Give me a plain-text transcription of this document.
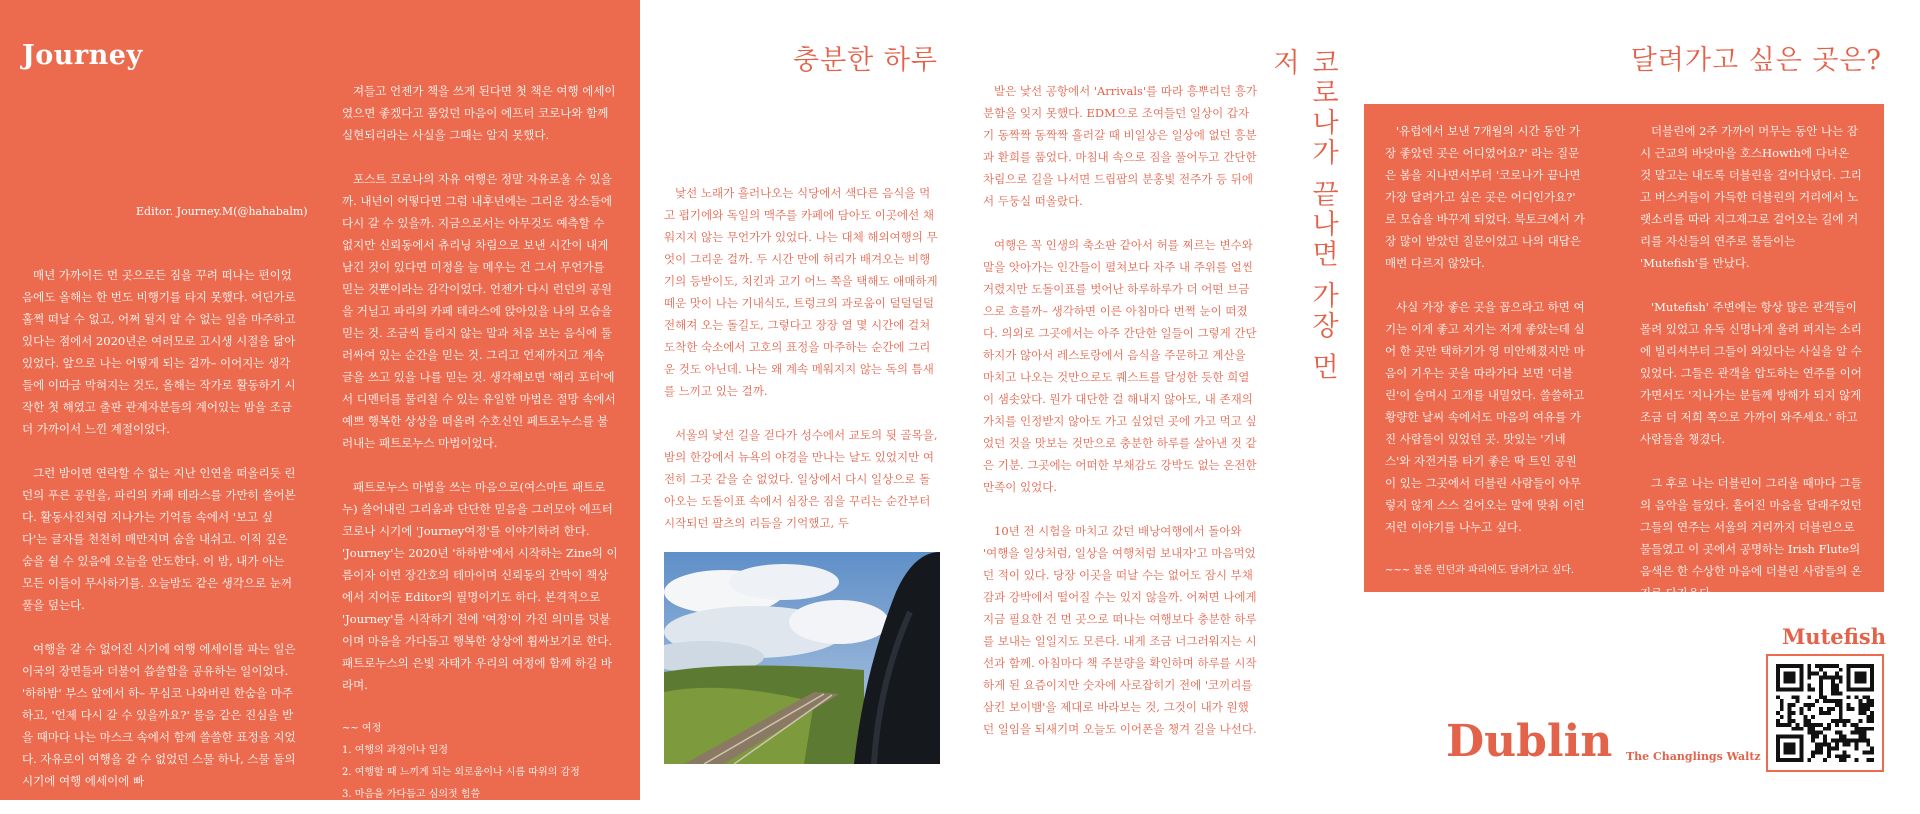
Journey
Editor. Journey.M(@hahabalm)

매년 가까이든 먼 곳으로든 짐을 꾸려 떠나는 편이었음에도 올해는 한 번도 비행기를 타지 못했다. 어딘가로 훌쩍 떠날 수 없고, 어쩌 될지 알 수 없는 일을 마주하고 있다는 점에서 2020년은 여러모로 고시생 시절을 닮아있었다. 앞으로 나는 어떻게 되는 걸까– 이어지는 생각들에 이따금 막혀지는 것도, 올해는 작가로 활동하기 시작한 첫 해였고 출판 관계자분들의 계어있는 밤을 조금 더 가까이서 느낀 계절이었다.

그런 밤이면 연락할 수 없는 지난 인연을 떠올리듯 린던의 푸른 공원을, 파리의 카페 테라스를 가만히 쓸어본다. 활동사진처럼 지나가는 기억들 속에서 '보고 싶다'는 글자를 천천히 매만지며 숨을 내쉬고. 이직 깊은 숨을 쉴 수 있음에 오늘을 안도한다. 이 밤, 내가 아는 모든 이들이 무사하기를. 오늘밤도 같은 생각으로 눈꺼풀을 덮는다.

여행을 갈 수 없어진 시기에 여행 에세이를 파는 일은 이국의 장면들과 더불어 씁쓸함을 공유하는 일이었다. '하하밤' 부스 앞에서 하– 무심코 나와버린 한숨을 마주하고, '언제 다시 갈 수 있을까요?' 물음 같은 진심을 받을 때마다 나는 마스크 속에서 함께 쓸쓸한 표정을 지었다. 자유로이 여행을 갈 수 없었던 스물 하나, 스물 둘의 시기에 여행 에세이에 빠

져들고 언젠가 책을 쓰게 된다면 첫 책은 여행 에세이였으면 좋겠다고 품었던 마음이 에프터 코로나와 함께 실현되리라는 사실을 그때는 알지 못했다.

포스트 코로나의 자유 여행은 정말 자유로울 수 있을까. 내년이 어떻다면 그럼 내후년에는 그리운 장소들에 다시 갈 수 있을까. 지금으로서는 아무것도 예측할 수 없지만 신뢰동에서 츄리닝 차림으로 보낸 시간이 내게 남긴 것이 있다면 미정을 늘 메우는 건 그서 무언가를 믿는 것뿐이라는 감각이었다. 언젠가 다시 런던의 공원을 거닐고 파리의 카페 테라스에 앉아있을 나의 모습을 믿는 것. 조금씩 들리지 않는 말과 처음 보는 음식에 둘러싸여 있는 순간을 믿는 것. 그리고 언제까지고 계속 글을 쓰고 있을 나를 믿는 것. 생각해보면 '해리 포터'에서 디멘터를 물리칠 수 있는 유일한 마법은 절망 속에서 예쁘 행복한 상상을 떠올려 수호신인 페트로누스를 불러내는 패트로누스 마법이었다.

패트로누스 마법을 쓰는 마음으로(여스마트 패트로누) 쓸어내린 그리움과 단단한 믿음을 그러모아 에프터 코로나 시기에 'Journey여정'를 이야기하려 한다. 'Journey'는 2020년 '하하밤'에서 시작하는 Zine의 이름이자 이번 장간호의 테마이며 신뢰동의 칸막이 책상에서 지어둔 Editor의 필명이기도 하다. 본격적으로 'Journey'를 시작하기 전에 '여정'이 가진 의미를 덧붙이며 마음을 가다듬고 행복한 상상에 휩싸보기로 한다. 패트로누스의 은빛 자태가 우리의 여정에 함께 하길 바라며.

~~ 여정
1. 여행의 과정이나 일정
2. 여행할 때 느끼게 되는 외로움이나 시름 따위의 감정
3. 마음을 가다듬고 심의젓 힘씀
충분한 하루

낯선 노래가 흘러나오는 식당에서 색다른 음식을 먹고 펍기에와 독일의 맥주를 카페에 담아도 이곳에선 채워지지 않는 무언가가 있었다. 나는 대체 해외여행의 무엇이 그리운 걸까. 두 시간 만에 허리가 배겨오는 비행기의 등받이도, 치킨과 고기 어느 쪽을 택해도 애매하게 떼운 맛이 나는 기내식도, 트렁크의 과로움이 덜덜덜덜 전해져 오는 돌길도, 그렇다고 장장 열 몇 시간에 걸쳐 도착한 숙소에서 고호의 표정을 마주하는 순간에 그리운 것도 아닌데. 나는 왜 계속 메워지지 않는 독의 틈새를 느끼고 있는 걸까.

서울의 낯선 길을 걷다가 성수에서 교토의 뒷 골목을, 밤의 한강에서 뉴욕의 야경을 만나는 날도 있었지만 여전히 그곳 같을 순 없었다. 일상에서 다시 일상으로 돌아오는 도돌이표 속에서 심장은 짐을 꾸리는 순간부터 시작되던 팔츠의 리듬을 기억했고, 두

발은 낯선 공항에서 'Arrivals'를 따라 흥뿌리던 흥가분함을 잊지 못했다. EDM으로 조여들던 일상이 갑자기 동짝짝 동짝짝 흘러갈 때 비일상은 일상에 없던 흥분과 환희를 품었다. 마침내 속으로 짐을 풀어두고 간단한 차림으로 길을 나서면 드립팝의 분홍빛 전주가 등 뒤에서 두둥실 떠올랐다.

여행은 꼭 인생의 축소판 같아서 허를 찌르는 변수와 말을 앗아가는 인간들이 펼쳐보다 자주 내 주위를 얼씬거렸지만 도돌이표를 벗어난 하루하루가 더 어떤 브금으로 흐를까– 생각하면 이른 아침마다 번쩍 눈이 떠졌다. 의외로 그곳에서는 아주 간단한 일들이 그렇게 간단하지가 않아서 레스토랑에서 음식을 주문하고 계산을 마치고 나오는 것만으로도 퀘스트를 달성한 듯한 희열이 샘솟았다. 뭔가 대단한 걸 해내지 않아도, 내 존재의 가치를 인정받지 않아도 가고 싶었던 곳에 가고 먹고 싶었던 것을 맛보는 것만으로 충분한 하루를 살아낸 것 같은 기분. 그곳에는 어떠한 부채감도 강박도 없는 온전한 만족이 있었다.

10년 전 시험을 마치고 갔던 배낭여행에서 돌아와 '여행을 일상처럼, 일상을 여행처럼 보내자'고 마음먹었던 적이 있다. 당장 이곳을 떠날 수는 없어도 잠시 부채감과 강박에서 떨어질 수는 있지 않을까. 어쩌면 나에게 지금 필요한 건 먼 곳으로 떠나는 여행보다 충분한 하루를 보내는 일일지도 모른다. 내게 조금 너그러워지는 시선과 함께. 아침마다 책 주분량을 확인하며 하루를 시작하게 된 요즘이지만 숫자에 사로잡히기 전에 '코끼리를 삼킨 보이뱀'을 제대로 바라보는 것, 그것이 내가 원했던 일임을 되새기며 오늘도 이어폰을 챙겨 길을 나선다.

코로나가 끝나면 가장 먼저	달려가고 싶은 곳은?

'유럽에서 보낸 7개월의 시간 동안 가장 좋았던 곳은 어디였어요?' 라는 질문은 봄을 지나면서부터 '코로나가 끝나면 가장 달려가고 싶은 곳은 어디인가요?' 로 모습을 바꾸게 되었다. 북토크에서 가장 많이 받았던 질문이었고 나의 대답은 매번 다르지 않았다.

사실 가장 좋은 곳을 꼽으라고 하면 여기는 이게 좋고 저기는 저게 좋았는데 실어 한 곳만 택하기가 영 미안해졌지만 마음이 기우는 곳을 따라가다 보면 '더블린'이 슬며시 고개를 내밀었다. 쓸쓸하고 황량한 날씨 속에서도 마음의 여유를 가진 사람들이 있었던 곳. 맛있는 '기네스'와 자전거를 타기 좋은 딱 트인 공원이 있는 그곳에서 더블린 사람들이 아무렇지 않게 스스 걸어오는 말에 맞춰 이런 저런 이야기를 나누고 싶다.

~~~ 물론 런던과 파리에도 달려가고 싶다.

더블린에 2주 가까이 머무는 동안 나는 잠시 근교의 바닷마을 호스Howth에 다녀온 것 말고는 내도록 더블린을 걸어다녔다. 그리고 버스커들이 가득한 더블린의 거리에서 노랫소리를 따라 지그재그로 걸어오는 길에 거리를 자신들의 연주로 물들이는 'Mutefish'를 만났다.

'Mutefish' 주변에는 항상 많은 관객들이 몰려 있었고 유독 신명나게 울려 퍼지는 소리에 빌리셔부터 그들이 와있다는 사실을 알 수 있었다. 그들은 관객을 압도하는 연주를 이어가면서도 '지나가는 분들께 방해가 되지 않게 조금 더 저희 쪽으로 가까이 와주세요.' 하고 사람들을 챙겼다.

그 후로 나는 더블린이 그리울 때마다 그들의 음악을 들었다. 흩어진 마음을 달래주었던 그들의 연주는 서울의 거리까지 더블린으로 물들였고 이 곳에서 공명하는 Irish Flute의 음색은 한 수상한 마음에 더블린 사람들의 온기로 다가온다.

Dublin The Changlings Waltz
Mutefish
